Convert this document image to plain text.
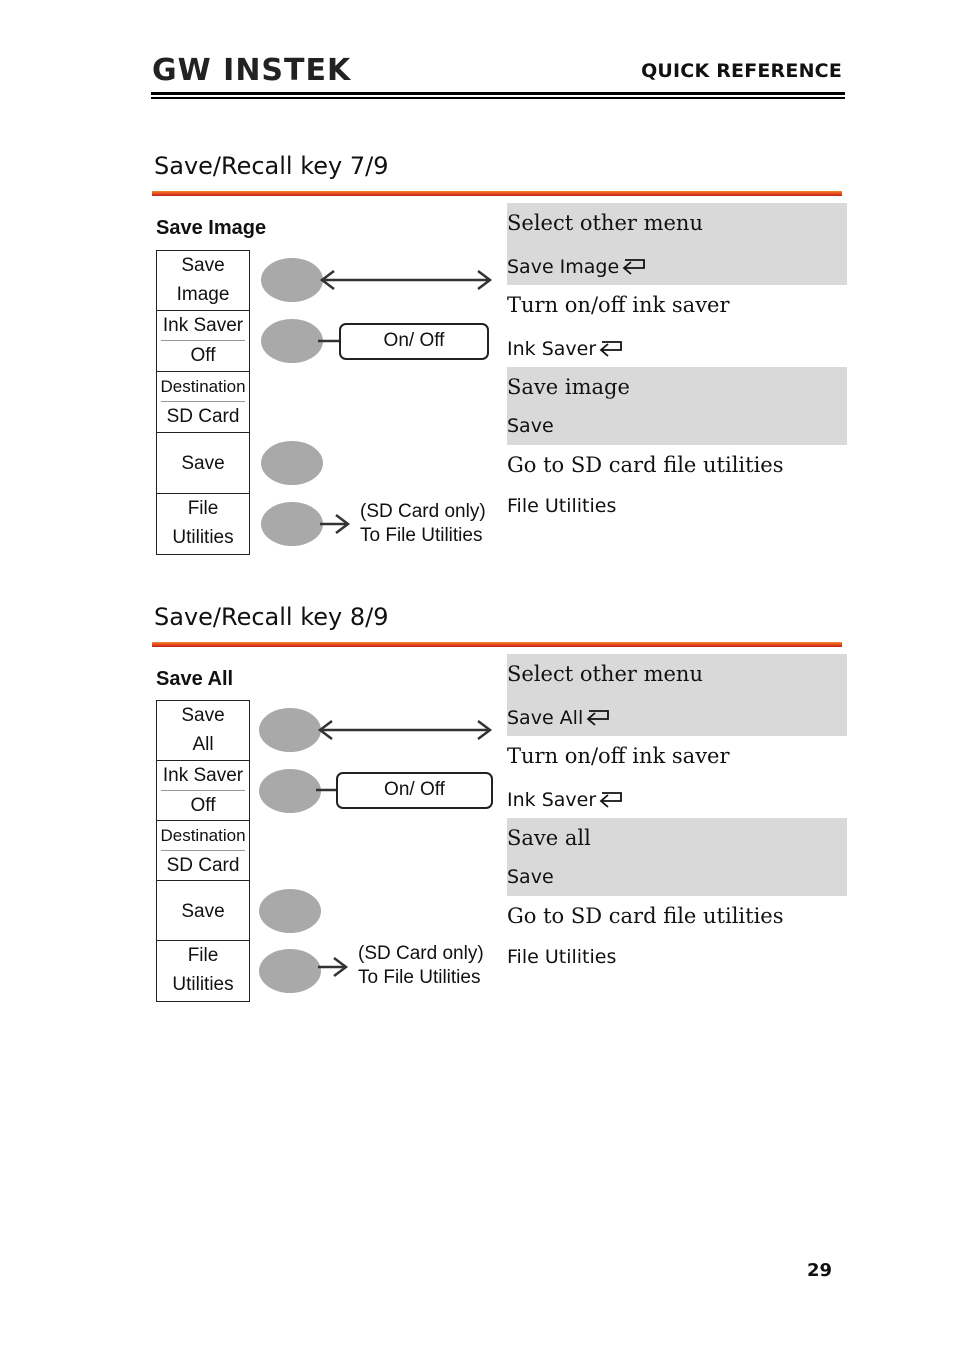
GW INSTEK	QUICK REFERENCE
Save/Recall key 7/9
Save Image
Save
Image
Ink Saver
Off
Destination
SD Card
Save
File
Utilities
On/ Off
(SD Card only)
To File Utilities
Select other menu
Save Image
Turn on/off ink saver
Ink Saver
Save image
Save
Go to SD card file utilities
File Utilities
Save/Recall key 8/9
Save All
Save
All
Ink Saver
Off
Destination
SD Card
Save
File
Utilities
On/ Off
(SD Card only)
To File Utilities
Select other menu
Save All
Turn on/off ink saver
Ink Saver
Save all
Save
Go to SD card file utilities
File Utilities
29
